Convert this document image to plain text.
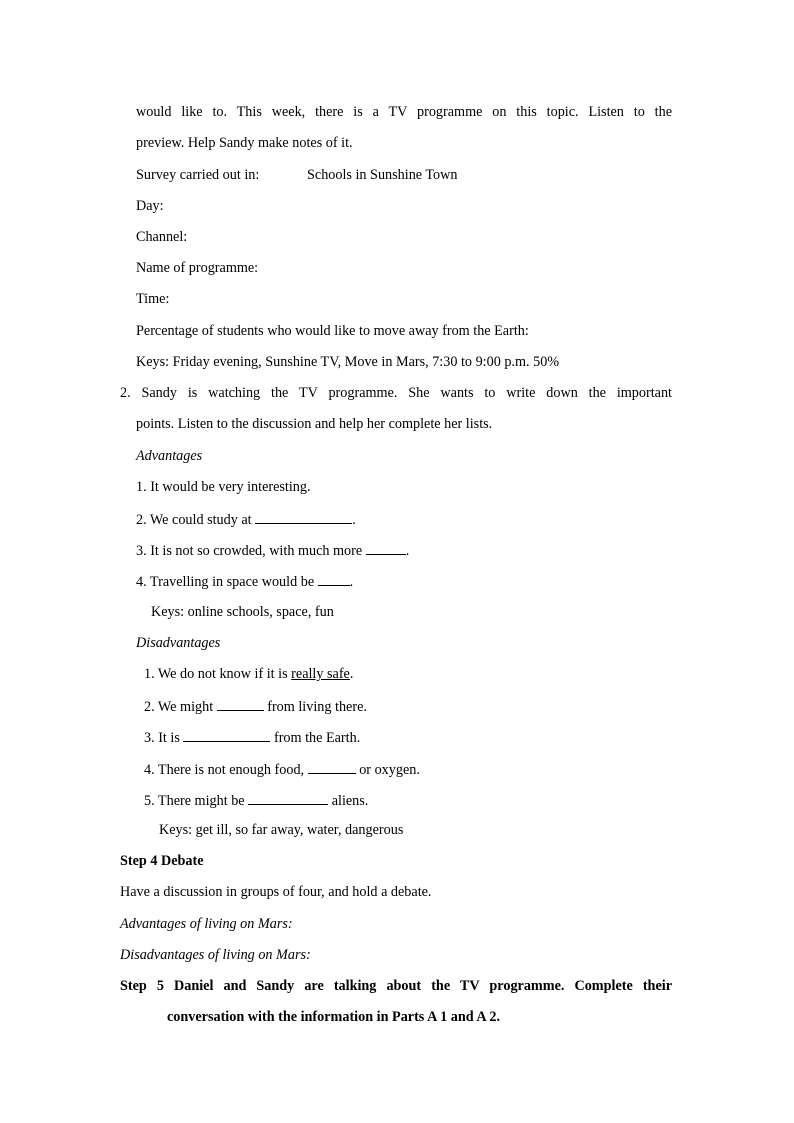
would like to. This week, there is a TV programme on this topic. Listen to the
preview. Help Sandy make notes of it.
Survey carried out in:	Schools in Sunshine Town
Day:
Channel:
Name of programme:
Time:
Percentage of students who would like to move away from the Earth:
Keys: Friday evening, Sunshine TV, Move in Mars, 7:30 to 9:00 p.m. 50%
2. Sandy is watching the TV programme. She wants to write down the important
points. Listen to the discussion and help her complete her lists.
Advantages
1. It would be very interesting.
2. We could study at	.
3. It is not so crowded, with much more	.
4. Travelling in space would be .
Keys: online schools, space, fun
Disadvantages
1. We do not know if it is really safe.
2. We might	from living there.
3. It is	from the Earth.
4. There is not enough food,	or oxygen.
5. There might be	aliens.
Keys: get ill, so far away, water, dangerous
Step 4 Debate
Have a discussion in groups of four, and hold a debate.
Advantages of living on Mars:
Disadvantages of living on Mars:
Step 5 Daniel and Sandy are talking about the TV programme. Complete their
conversation with the information in Parts A 1 and A 2.
